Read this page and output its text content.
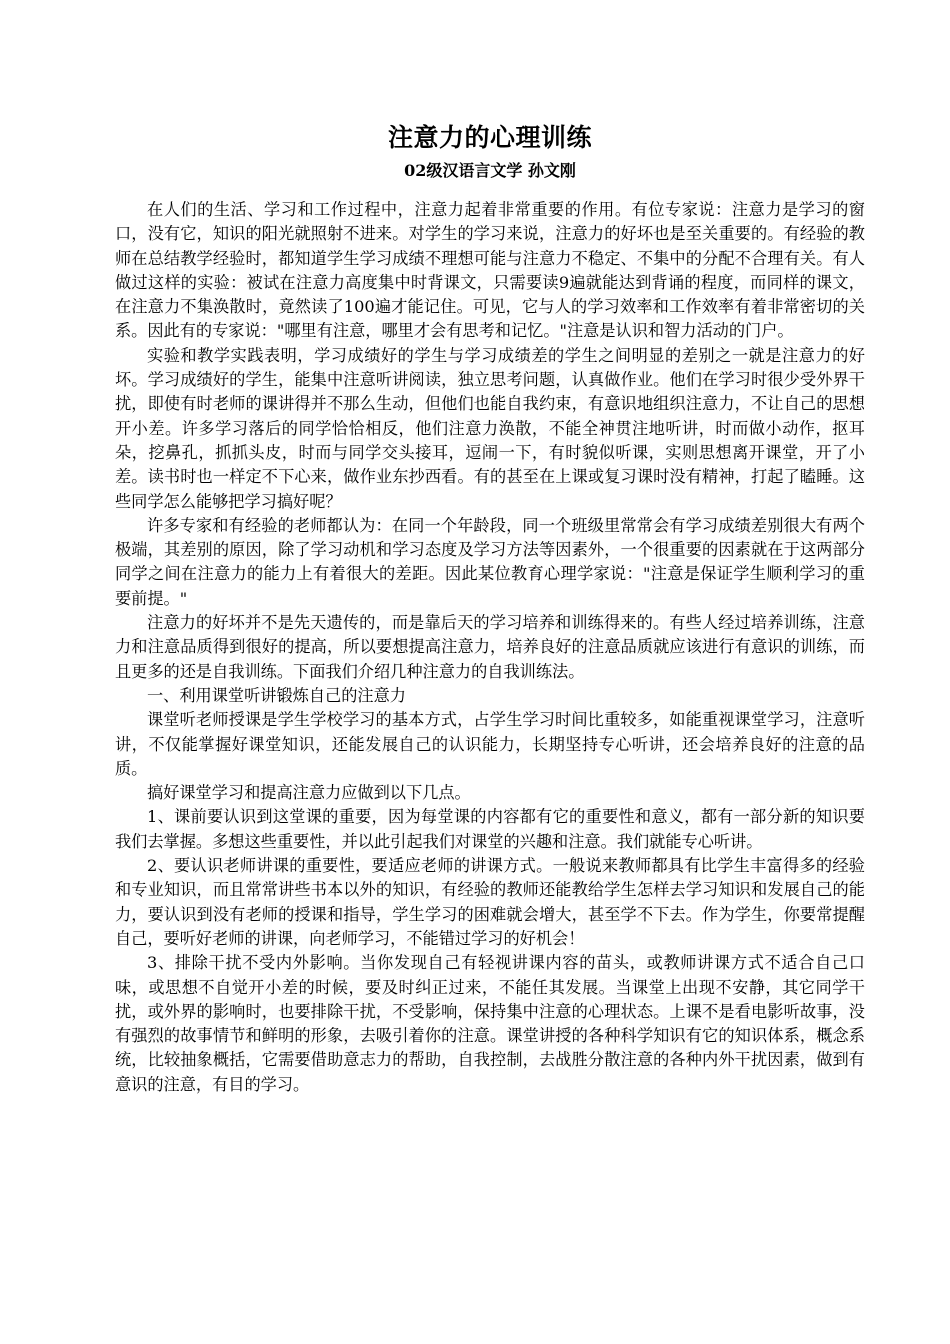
注意力的心理训练
02级汉语言文学 孙文刚

在人们的生活、学习和工作过程中，注意力起着非常重要的作用。有位专家说：注意力是学习的窗口，没有它，知识的阳光就照射不进来。对学生的学习来说，注意力的好坏也是至关重要的。有经验的教师在总结教学经验时，都知道学生学习成绩不理想可能与注意力不稳定、不集中的分配不合理有关。有人做过这样的实验：被试在注意力高度集中时背课文，只需要读9遍就能达到背诵的程度，而同样的课文，在注意力不集涣散时，竟然读了100遍才能记住。可见，它与人的学习效率和工作效率有着非常密切的关系。因此有的专家说："哪里有注意，哪里才会有思考和记忆。"注意是认识和智力活动的门户。

实验和教学实践表明，学习成绩好的学生与学习成绩差的学生之间明显的差别之一就是注意力的好坏。学习成绩好的学生，能集中注意听讲阅读，独立思考问题，认真做作业。他们在学习时很少受外界干扰，即使有时老师的课讲得并不那么生动，但他们也能自我约束，有意识地组织注意力，不让自己的思想开小差。许多学习落后的同学恰恰相反，他们注意力涣散，不能全神贯注地听讲，时而做小动作，抠耳朵，挖鼻孔，抓抓头皮，时而与同学交头接耳，逗闹一下，有时貌似听课，实则思想离开课堂，开了小差。读书时也一样定不下心来，做作业东抄西看。有的甚至在上课或复习课时没有精神，打起了瞌睡。这些同学怎么能够把学习搞好呢？

许多专家和有经验的老师都认为：在同一个年龄段，同一个班级里常常会有学习成绩差别很大有两个极端，其差别的原因，除了学习动机和学习态度及学习方法等因素外，一个很重要的因素就在于这两部分同学之间在注意力的能力上有着很大的差距。因此某位教育心理学家说："注意是保证学生顺利学习的重要前提。"

注意力的好坏并不是先天遗传的，而是靠后天的学习培养和训练得来的。有些人经过培养训练，注意力和注意品质得到很好的提高，所以要想提高注意力，培养良好的注意品质就应该进行有意识的训练，而且更多的还是自我训练。下面我们介绍几种注意力的自我训练法。

一、利用课堂听讲锻炼自己的注意力

课堂听老师授课是学生学校学习的基本方式，占学生学习时间比重较多，如能重视课堂学习，注意听讲，不仅能掌握好课堂知识，还能发展自己的认识能力，长期坚持专心听讲，还会培养良好的注意的品质。

搞好课堂学习和提高注意力应做到以下几点。

1、课前要认识到这堂课的重要，因为每堂课的内容都有它的重要性和意义，都有一部分新的知识要我们去掌握。多想这些重要性，并以此引起我们对课堂的兴趣和注意。我们就能专心听讲。

2、要认识老师讲课的重要性，要适应老师的讲课方式。一般说来教师都具有比学生丰富得多的经验和专业知识，而且常常讲些书本以外的知识，有经验的教师还能教给学生怎样去学习知识和发展自己的能力，要认识到没有老师的授课和指导，学生学习的困难就会增大，甚至学不下去。作为学生，你要常提醒自己，要听好老师的讲课，向老师学习，不能错过学习的好机会！

3、排除干扰不受内外影响。当你发现自己有轻视讲课内容的苗头，或教师讲课方式不适合自己口味，或思想不自觉开小差的时候，要及时纠正过来，不能任其发展。当课堂上出现不安静，其它同学干扰，或外界的影响时，也要排除干扰，不受影响，保持集中注意的心理状态。上课不是看电影听故事，没有强烈的故事情节和鲜明的形象，去吸引着你的注意。课堂讲授的各种科学知识有它的知识体系，概念系统，比较抽象概括，它需要借助意志力的帮助，自我控制，去战胜分散注意的各种内外干扰因素，做到有意识的注意，有目的学习。
